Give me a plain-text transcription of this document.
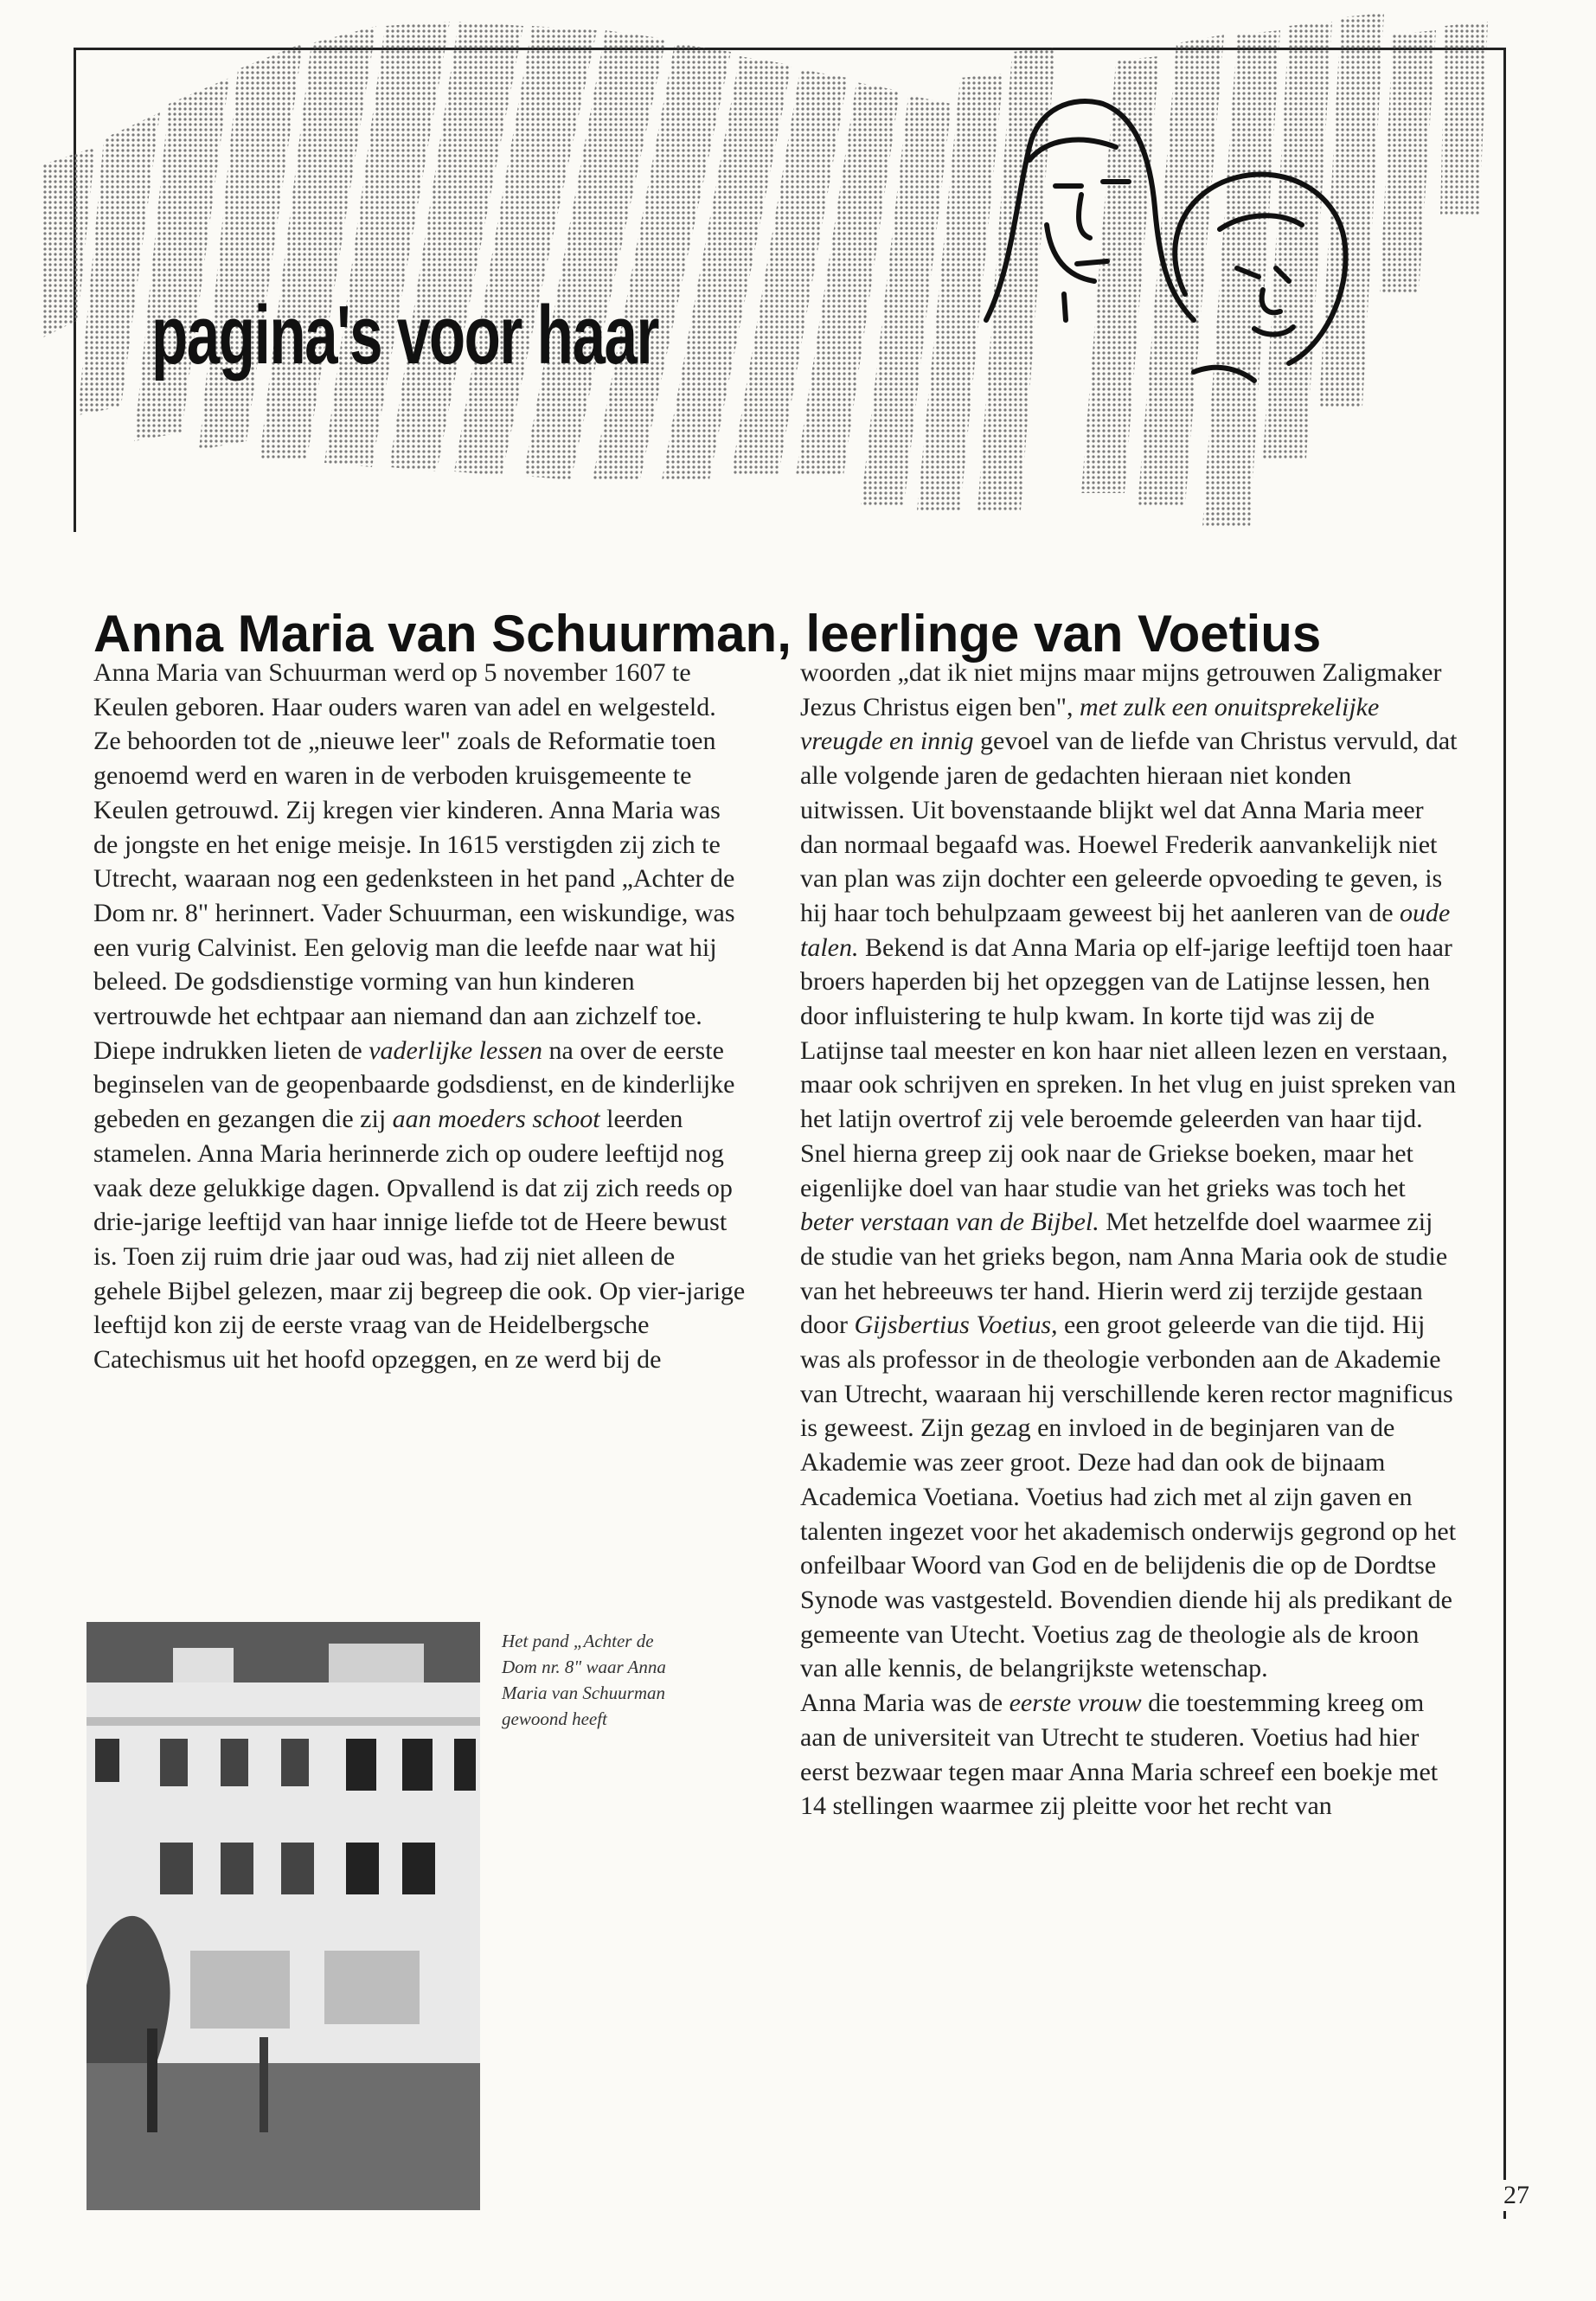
pagina's voor haar
Anna Maria van Schuurman, leerlinge van Voetius

Anna Maria van Schuurman werd op 5 november 1607 te Keulen geboren. Haar ouders waren van adel en welgesteld. Ze behoorden tot de „nieuwe leer" zoals de Reformatie toen genoemd werd en waren in de verboden kruisgemeente te Keulen getrouwd. Zij kregen vier kinderen. Anna Maria was de jongste en het enige meisje. In 1615 verstigden zij zich te Utrecht, waaraan nog een gedenksteen in het pand „Achter de Dom nr. 8" herinnert. Vader Schuurman, een wiskundige, was een vurig Calvinist. Een gelovig man die leefde naar wat hij beleed. De godsdienstige vorming van hun kinderen vertrouwde het echtpaar aan niemand dan aan zichzelf toe. Diepe indrukken lieten de vaderlijke lessen na over de eerste beginselen van de geopenbaarde godsdienst, en de kinderlijke gebeden en gezangen die zij aan moeders schoot leerden stamelen. Anna Maria herinnerde zich op oudere leeftijd nog vaak deze gelukkige dagen. Opvallend is dat zij zich reeds op drie-jarige leeftijd van haar innige liefde tot de Heere bewust is. Toen zij ruim drie jaar oud was, had zij niet alleen de gehele Bijbel gelezen, maar zij begreep die ook. Op vier-jarige leeftijd kon zij de eerste vraag van de Heidelbergsche Catechismus uit het hoofd opzeggen, en ze werd bij de

woorden „dat ik niet mijns maar mijns getrouwen Zaligmaker Jezus Christus eigen ben", met zulk een onuitsprekelijke vreugde en innig gevoel van de liefde van Christus vervuld, dat alle volgende jaren de gedachten hieraan niet konden uitwissen. Uit bovenstaande blijkt wel dat Anna Maria meer dan normaal begaafd was. Hoewel Frederik aanvankelijk niet van plan was zijn dochter een geleerde opvoeding te geven, is hij haar toch behulpzaam geweest bij het aanleren van de oude talen. Bekend is dat Anna Maria op elf-jarige leeftijd toen haar broers haperden bij het opzeggen van de Latijnse lessen, hen door influistering te hulp kwam. In korte tijd was zij de Latijnse taal meester en kon haar niet alleen lezen en verstaan, maar ook schrijven en spreken. In het vlug en juist spreken van het latijn overtrof zij vele beroemde geleerden van haar tijd.
Snel hierna greep zij ook naar de Griekse boeken, maar het eigenlijke doel van haar studie van het grieks was toch het beter verstaan van de Bijbel. Met hetzelfde doel waarmee zij de studie van het grieks begon, nam Anna Maria ook de studie van het hebreeuws ter hand. Hierin werd zij terzijde gestaan door Gijsbertius Voetius, een groot geleerde van die tijd. Hij was als professor in de theologie verbonden aan de Akademie van Utrecht, waaraan hij verschillende keren rector magnificus is geweest. Zijn gezag en invloed in de beginjaren van de Akademie was zeer groot. Deze had dan ook de bijnaam Academica Voetiana. Voetius had zich met al zijn gaven en talenten ingezet voor het akademisch onderwijs gegrond op het onfeilbaar Woord van God en de belijdenis die op de Dordtse Synode was vastgesteld. Bovendien diende hij als predikant de gemeente van Utecht. Voetius zag de theologie als de kroon van alle kennis, de belangrijkste wetenschap.
Anna Maria was de eerste vrouw die toestemming kreeg om aan de universiteit van Utrecht te studeren. Voetius had hier eerst bezwaar tegen maar Anna Maria schreef een boekje met 14 stellingen waarmee zij pleitte voor het recht van

Het pand „Achter de Dom nr. 8" waar Anna Maria van Schuurman gewoond heeft
27
